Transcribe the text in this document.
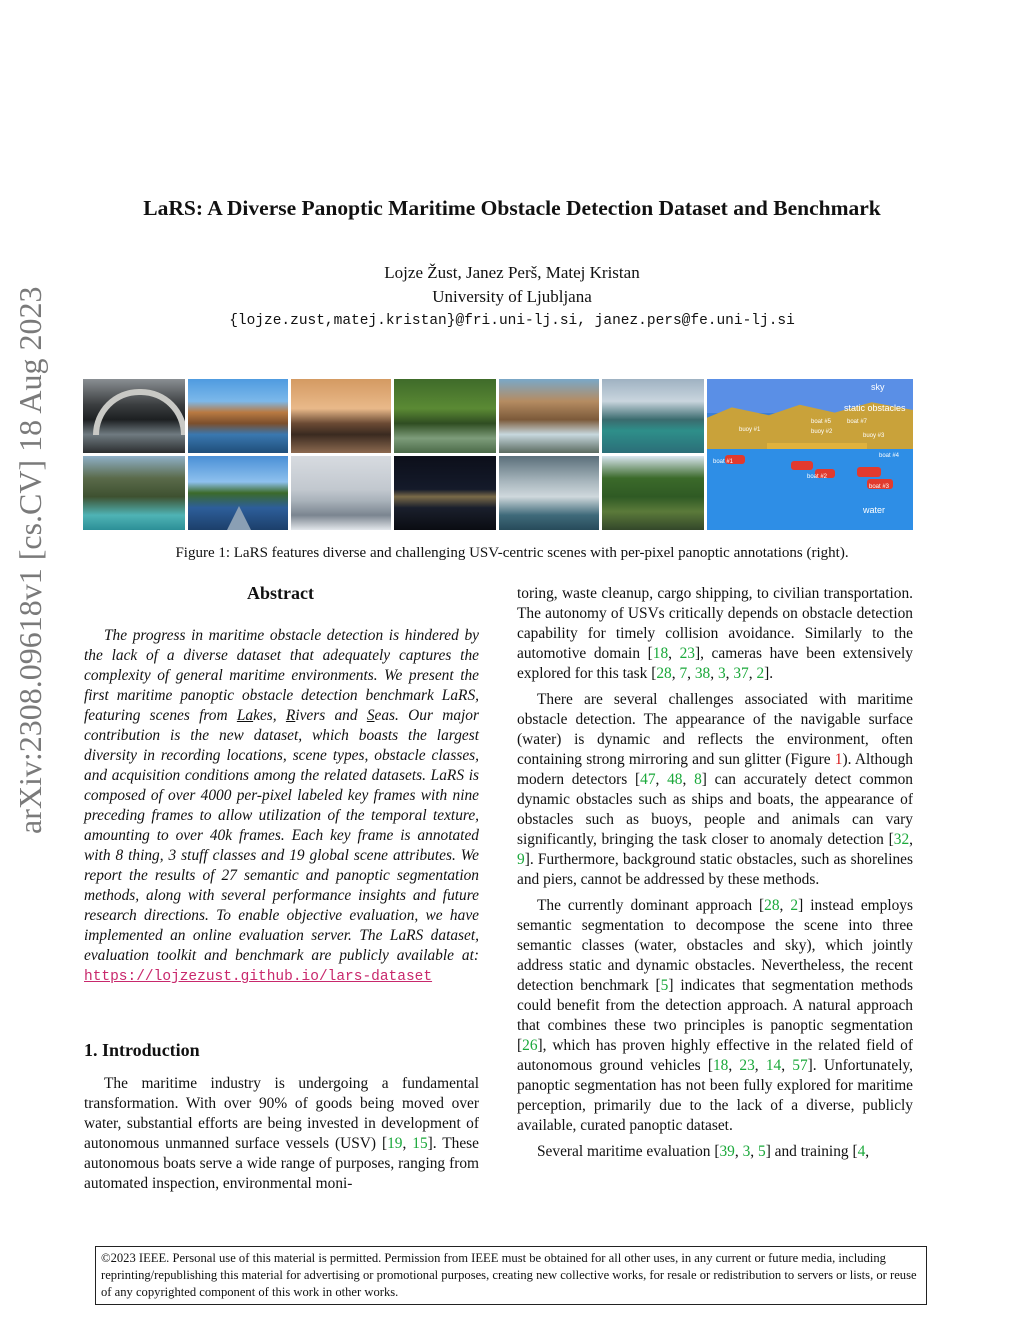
LaRS: A Diverse Panoptic Maritime Obstacle Detection Dataset and Benchmark
Lojze Žust, Janez Perš, Matej Kristan
University of Ljubljana
{lojze.zust,matej.kristan}@fri.uni-lj.si, janez.pers@fe.uni-lj.si
arXiv:2308.09618v1 [cs.CV] 18 Aug 2023	sky
static obstacles
water
boat #1
boat #2
boat #3
boat #4
boat #5
buoy #1	buoy #2
buoy #3
boat #7
Figure 1: LaRS features diverse and challenging USV-centric scenes with per-pixel panoptic annotations (right).
Abstract

The progress in maritime obstacle detection is hindered by the lack of a diverse dataset that adequately captures the complexity of general maritime environments. We present the first maritime panoptic obstacle detection benchmark LaRS, featuring scenes from Lakes, Rivers and Seas. Our major contribution is the new dataset, which boasts the largest diversity in recording locations, scene types, obstacle classes, and acquisition conditions among the related datasets. LaRS is composed of over 4000 per-pixel labeled key frames with nine preceding frames to allow utilization of the temporal texture, amounting to over 40k frames. Each key frame is annotated with 8 thing, 3 stuff classes and 19 global scene attributes. We report the results of 27 semantic and panoptic segmentation methods, along with several performance insights and future research directions. To enable objective evaluation, we have implemented an online evaluation server. The LaRS dataset, evaluation toolkit and benchmark are publicly available at: https://lojzezust.github.io/lars-dataset

1. Introduction

The maritime industry is undergoing a fundamental transformation. With over 90% of goods being moved over water, substantial efforts are being invested in development of autonomous unmanned surface vessels (USV) [19, 15]. These autonomous boats serve a wide range of purposes, ranging from automated inspection, environmental moni-

toring, waste cleanup, cargo shipping, to civilian transportation. The autonomy of USVs critically depends on obstacle detection capability for timely collision avoidance. Similarly to the automotive domain [18, 23], cameras have been extensively explored for this task [28, 7, 38, 3, 37, 2].

There are several challenges associated with maritime obstacle detection. The appearance of the navigable surface (water) is dynamic and reflects the environment, often containing strong mirroring and sun glitter (Figure 1). Although modern detectors [47, 48, 8] can accurately detect common dynamic obstacles such as ships and boats, the appearance of obstacles such as buoys, people and animals can vary significantly, bringing the task closer to anomaly detection [32, 9]. Furthermore, background static obstacles, such as shorelines and piers, cannot be addressed by these methods.

The currently dominant approach [28, 2] instead employs semantic segmentation to decompose the scene into three semantic classes (water, obstacles and sky), which jointly address static and dynamic obstacles. Nevertheless, the recent detection benchmark [5] indicates that segmentation methods could benefit from the detection approach. A natural approach that combines these two principles is panoptic segmentation [26], which has proven highly effective in the related field of autonomous ground vehicles [18, 23, 14, 57]. Unfortunately, panoptic segmentation has not been fully explored for maritime perception, primarily due to the lack of a diverse, publicly available, curated panoptic dataset.

Several maritime evaluation [39, 3, 5] and training [4,

©2023 IEEE. Personal use of this material is permitted. Permission from IEEE must be obtained for all other uses, in any current or future media, including reprinting/republishing this material for advertising or promotional purposes, creating new collective works, for resale or redistribution to servers or lists, or reuse of any copyrighted component of this work in other works.
